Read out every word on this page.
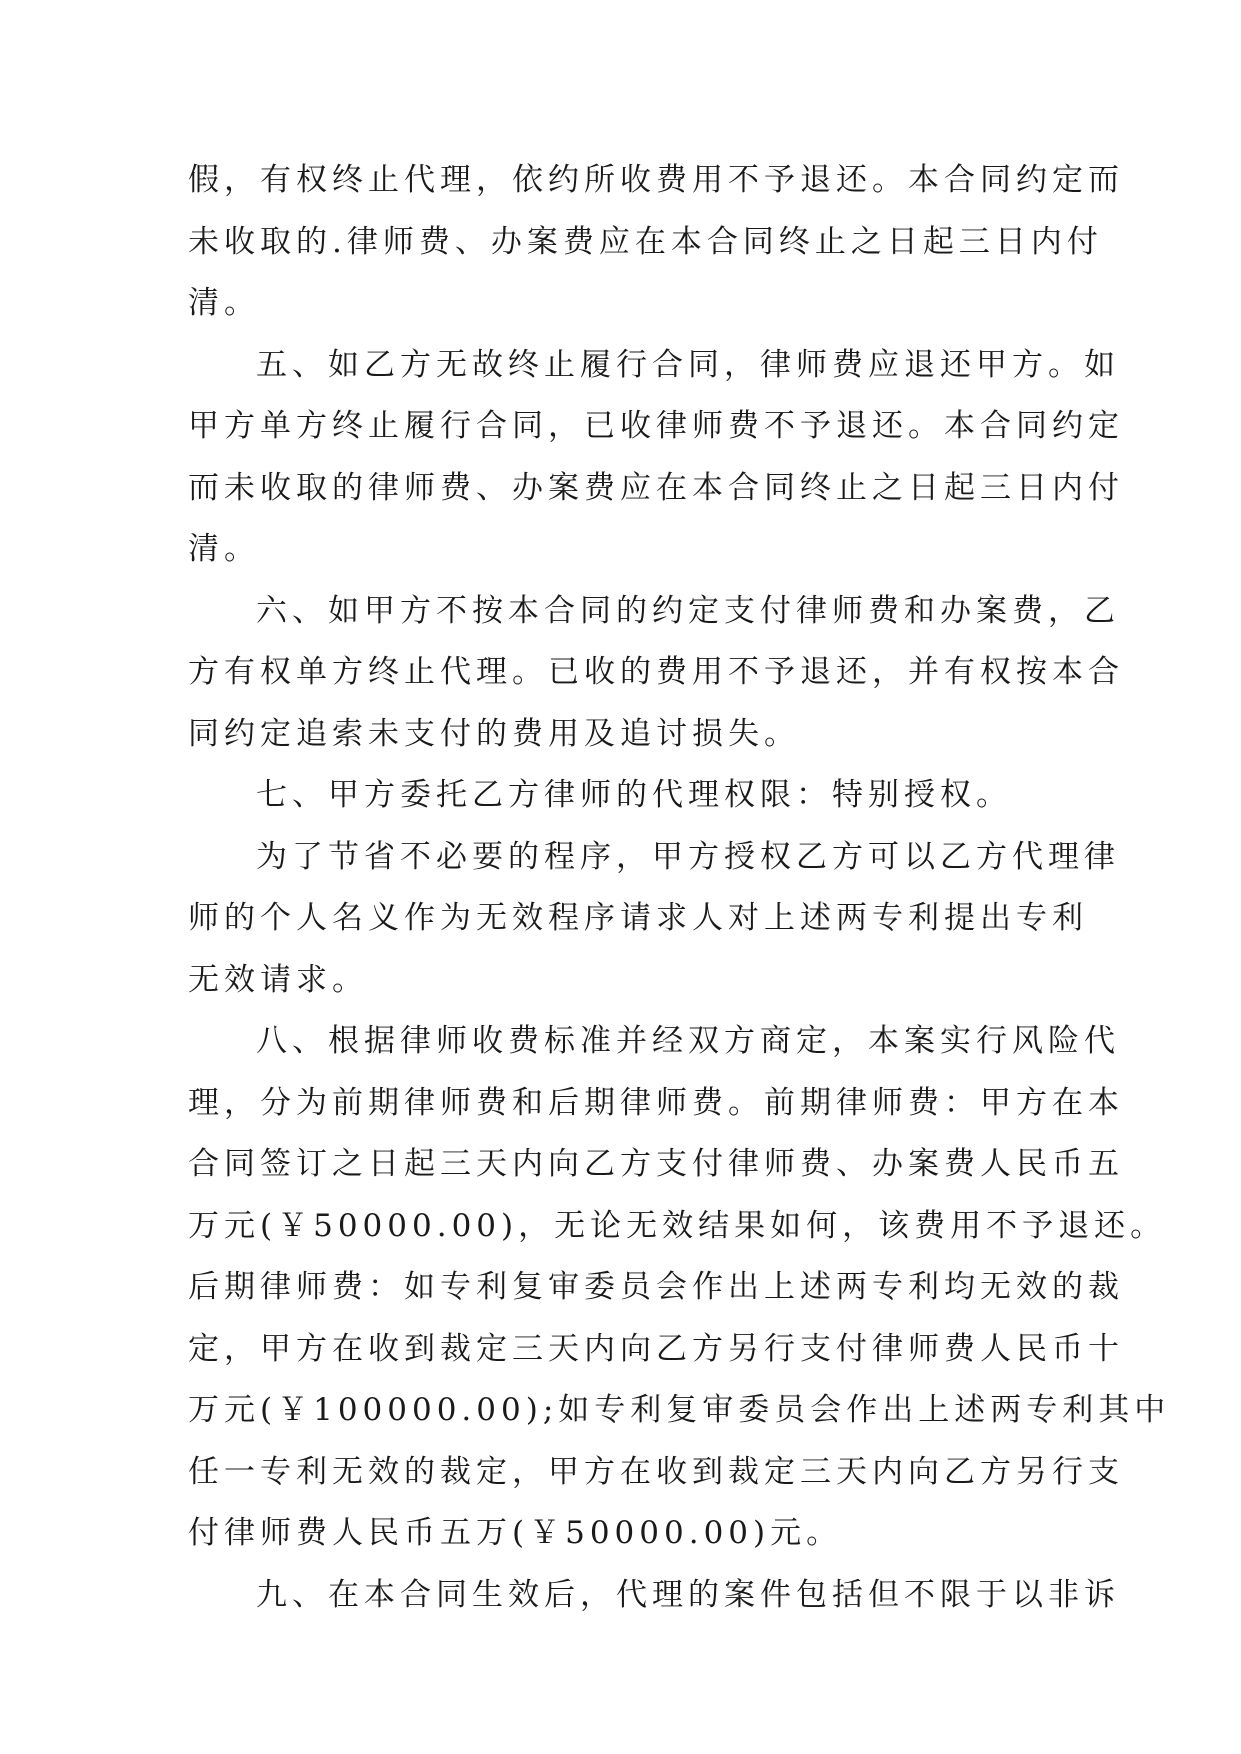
假，有权终止代理，依约所收费用不予退还。本合同约定而
未收取的.律师费、办案费应在本合同终止之日起三日内付
清。
五、如乙方无故终止履行合同，律师费应退还甲方。如
甲方单方终止履行合同，已收律师费不予退还。本合同约定
而未收取的律师费、办案费应在本合同终止之日起三日内付
清。
六、如甲方不按本合同的约定支付律师费和办案费，乙
方有权单方终止代理。已收的费用不予退还，并有权按本合
同约定追索未支付的费用及追讨损失。
七、甲方委托乙方律师的代理权限：特别授权。
为了节省不必要的程序，甲方授权乙方可以乙方代理律
师的个人名义作为无效程序请求人对上述两专利提出专利
无效请求。
八、根据律师收费标准并经双方商定，本案实行风险代
理，分为前期律师费和后期律师费。前期律师费：甲方在本
合同签订之日起三天内向乙方支付律师费、办案费人民币五
万元(￥50000.00)，无论无效结果如何，该费用不予退还。
后期律师费：如专利复审委员会作出上述两专利均无效的裁
定，甲方在收到裁定三天内向乙方另行支付律师费人民币十
万元(￥100000.00);如专利复审委员会作出上述两专利其中
任一专利无效的裁定，甲方在收到裁定三天内向乙方另行支
付律师费人民币五万(￥50000.00)元。
九、在本合同生效后，代理的案件包括但不限于以非诉
